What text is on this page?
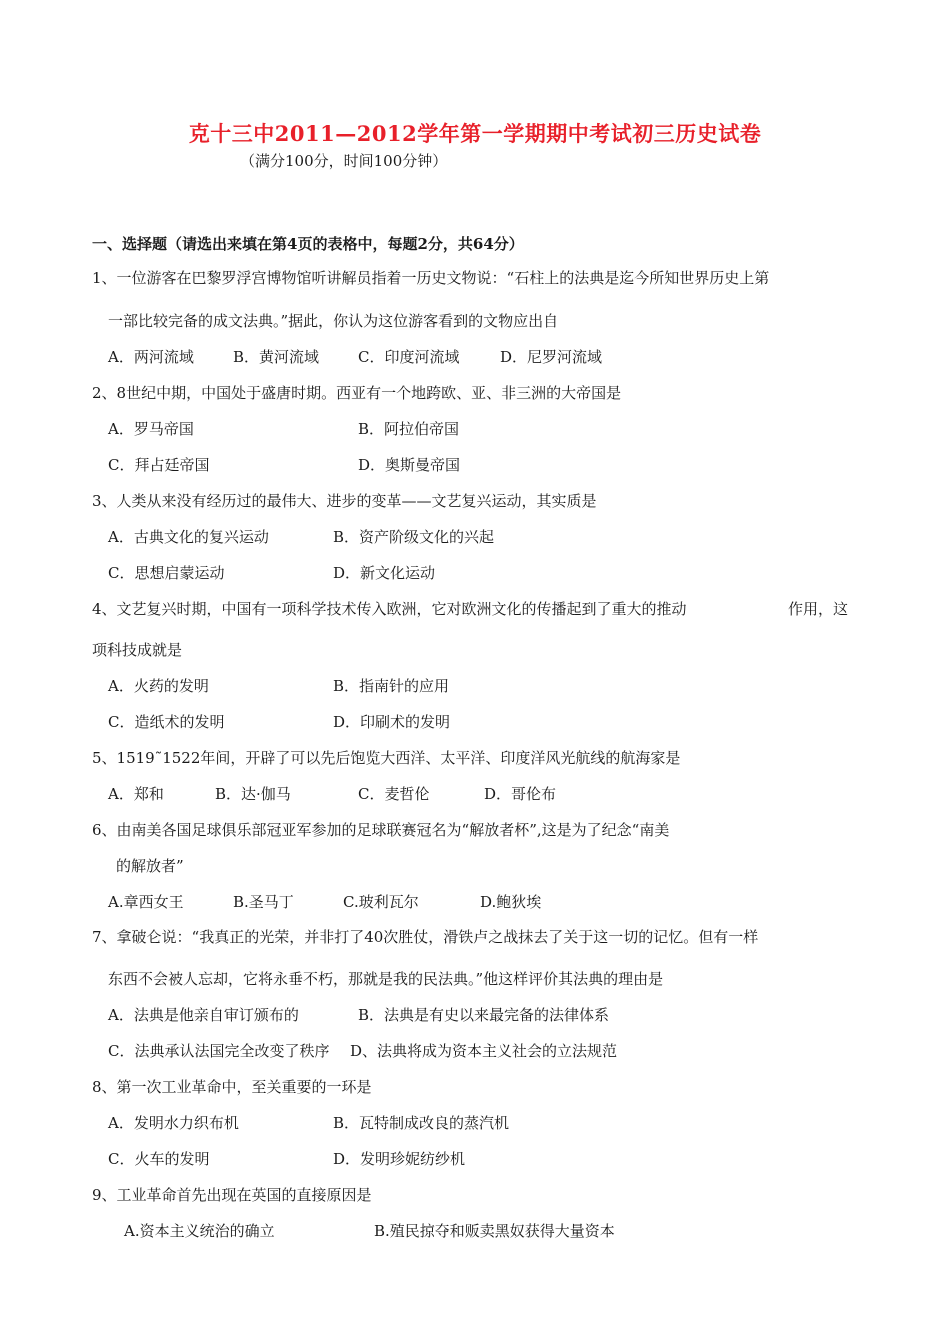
克十三中2011—2012学年第一学期期中考试初三历史试卷
（满分100分，时间100分钟）
一、选择题（请选出来填在第4页的表格中，每题2分，共64分）
1、一位游客在巴黎罗浮宫博物馆听讲解员指着一历史文物说：“石柱上的法典是迄今所知世界历史上第
一部比较完备的成文法典。”据此，你认为这位游客看到的文物应出自
A．两河流域	B．黄河流域	C．印度河流域	D．尼罗河流域
2、8世纪中期，中国处于盛唐时期。西亚有一个地跨欧、亚、非三洲的大帝国是
A．罗马帝国	B．阿拉伯帝国
C．拜占廷帝国	D．奥斯曼帝国
3、人类从来没有经历过的最伟大、进步的变革——文艺复兴运动，其实质是
A．古典文化的复兴运动	B．资产阶级文化的兴起
C．思想启蒙运动	D．新文化运动
4、文艺复兴时期，中国有一项科学技术传入欧洲，它对欧洲文化的传播起到了重大的推动	作用，这
项科技成就是
A．火药的发明	B．指南针的应用
C．造纸术的发明	D．印刷术的发明
5、1519˜1522年间，开辟了可以先后饱览大西洋、太平洋、印度洋风光航线的航海家是
A．郑和	B．达·伽马	C．麦哲伦	D．哥伦布
6、由南美各国足球俱乐部冠亚军参加的足球联赛冠名为“解放者杯”,这是为了纪念“南美
的解放者”
A.章西女王	B.圣马丁	C.玻利瓦尔	D.鲍狄埃
7、拿破仑说：“我真正的光荣，并非打了40次胜仗，滑铁卢之战抹去了关于这一切的记忆。但有一样
东西不会被人忘却，它将永垂不朽，那就是我的民法典。”他这样评价其法典的理由是
A．法典是他亲自审订颁布的	B．法典是有史以来最完备的法律体系
C．法典承认法国完全改变了秩序 D、法典将成为资本主义社会的立法规范
8、第一次工业革命中，至关重要的一环是
A．发明水力织布机	B．瓦特制成改良的蒸汽机
C．火车的发明	D．发明珍妮纺纱机
9、工业革命首先出现在英国的直接原因是
A.资本主义统治的确立	B.殖民掠夺和贩卖黑奴获得大量资本
